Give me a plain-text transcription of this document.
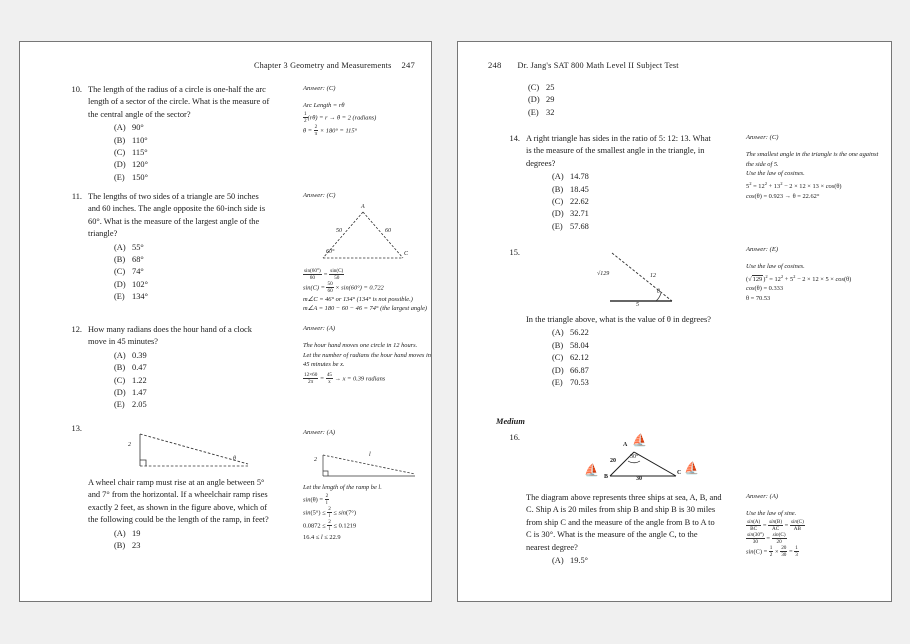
Chapter 3 Geometry and Measurements 247
10. The length of the radius of a circle is one-half the arc length of a sector of the circle. What is the measure of the central angle of the sector?
(A) 90°
(B) 110°
(C) 115°
(D) 120°
(E) 150°
Answer: (C)
Arc Length = rθ
$\frac{1}{2} (r\theta) = r \to \theta = 2$ (radians)
$\theta = \frac{2}{\pi} \times 180^\circ = 115^\circ$
11. The lengths of two sides of a triangle are 50 inches and 60 inches. The angle opposite the 60-inch side is 60°. What is the measure of the largest angle of the triangle?
(A) 55°
(B) 68°
(C) 74°
(D) 102°
(E) 134°
Answer: (C)
A
50	60
60°	C
$\frac{\sin(60^\circ)}{60} = \frac{\sin(C)}{50}$
$\sin(C) = \frac{50}{60} \times \sin(60^\circ) = 0.722$
m∠C = 46° or 134° (134° is not possible.)
m∠A = 180 − 60 − 46 = 74° (the largest angle)
12. How many radians does the hour hand of a clock move in 45 minutes?
(A) 0.39
(B) 0.47
(C) 1.22
(D) 1.47
(E) 2.05
Answer: (A)
The hour hand moves one circle in 12 hours.
Let the number of radians the hour hand moves in 45 minutes be x.
$\frac{12\times 60}{2\pi} = \frac{45}{x} \to x = 0.39$ radians
13.
2
θ
A wheel chair ramp must rise at an angle between 5° and 7° from the horizontal. If a wheelchair ramp rises exactly 2 feet, as shown in the figure above, which of the following could be the length of the ramp, in feet?
(A) 19
(B) 23
Answer: (A)
2
l
Let the length of the ramp be l.
$\sin(\theta) = \frac{2}{l}$
$\sin(5^\circ) \le \frac{2}{l} \le \sin(7^\circ)$
$0.0872 \le \frac{2}{l} \le 0.1219$
16.4 ≤ l ≤ 22.9
248 Dr. Jang's SAT 800 Math Level II Subject Test
(C) 25
(D) 29
(E) 32
14. A right triangle has sides in the ratio of 5: 12: 13. What is the measure of the smallest angle in the triangle, in degrees?
(A) 14.78
(B) 18.45
(C) 22.62
(D) 32.71
(E) 57.68
Answer: (C)
The smallest angle in the triangle is the one against the side of 5.
Use the law of cosines.
$5^2 = 12^2 + 13^2 - 2 \times 12 \times 13 \times \cos(\theta)$
cos(θ) = 0.923 → θ = 22.62°
15.
√129	12
5
θ
In the triangle above, what is the value of θ in degrees?
(A) 56.22
(B) 58.04
(C) 62.12
(D) 66.87
(E) 70.53
Answer: (E)
Use the law of cosines.
$(√129)^2 = 12^2 + 5^2 - 2 \times 12 \times 5 \times \cos(\theta)$
cos(θ) = 0.333
θ = 70.53
Medium
16.
A
B
C
30°
20
30
⛵
⛵	⛵
The diagram above represents three ships at sea, A, B, and C. Ship A is 20 miles from ship B and ship B is 30 miles from ship C and the measure of the angle from B to A to C is 30°. What is the measure of the angle C, to the nearest degree?
(A) 19.5°
Answer: (A)
Use the law of sine.
$\frac{\sin(A)}{BC} = \frac{\sin(B)}{AC} = \frac{\sin(C)}{AB}$
$\frac{\sin(30^\circ)}{30} = \frac{\sin(C)}{20}$
$\sin(C) = \frac{1}{2} \times \frac{20}{30} = \frac{1}{3}$
